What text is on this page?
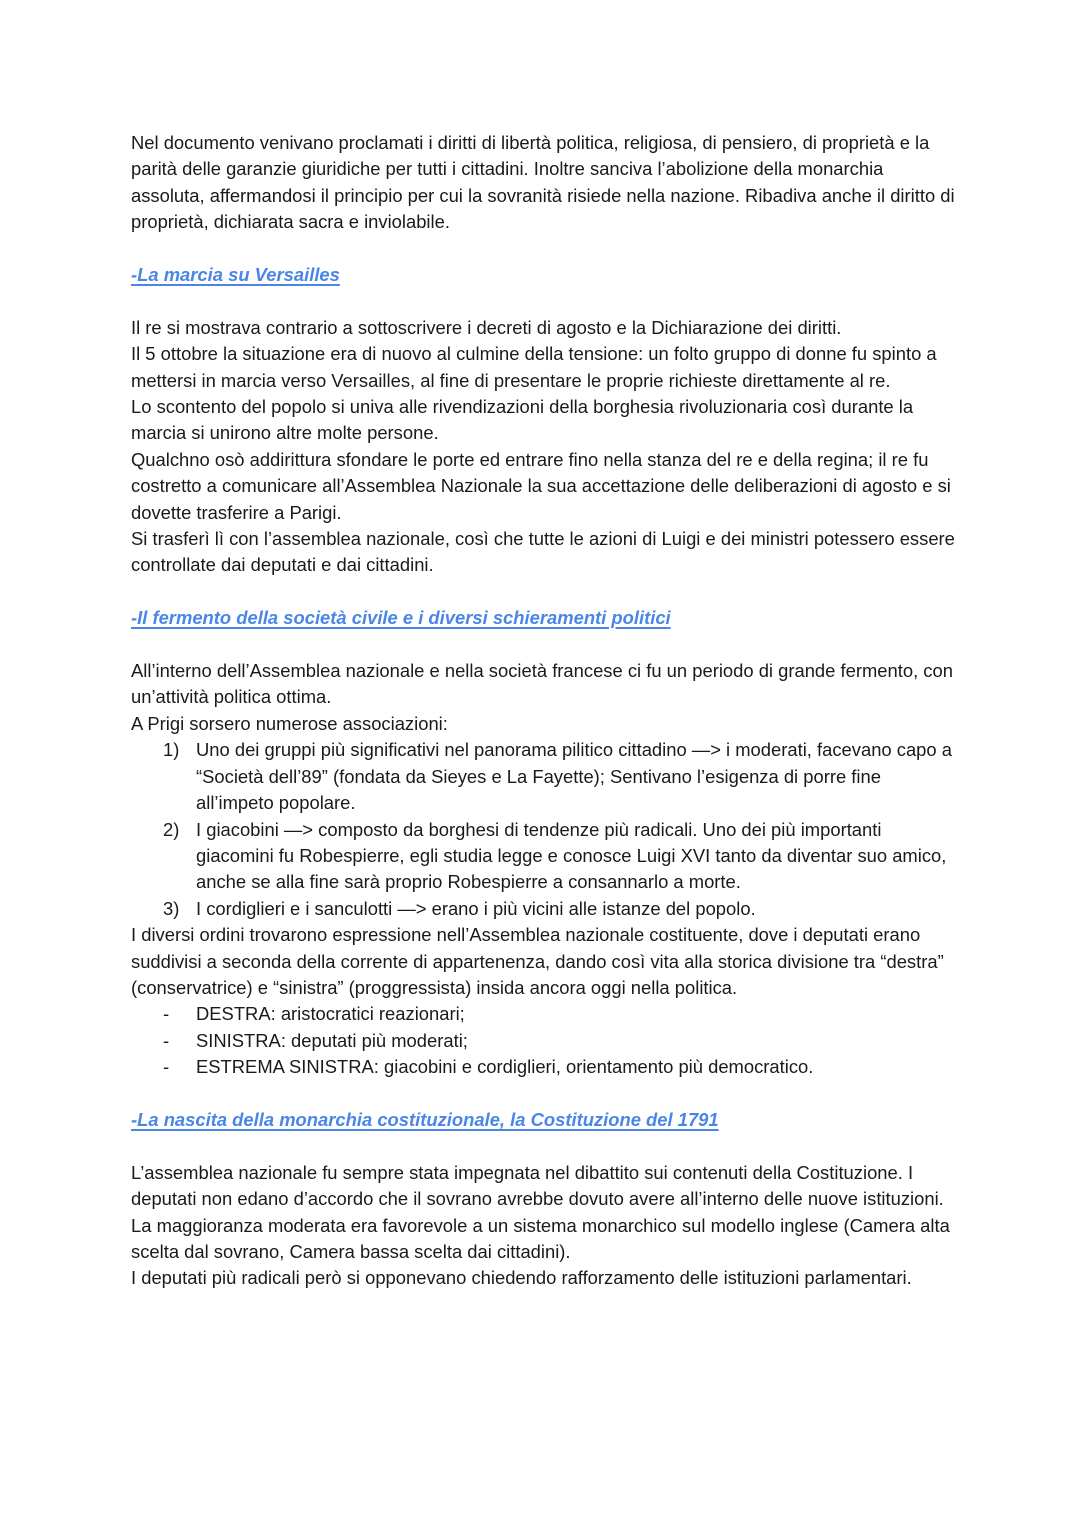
Nel documento venivano proclamati i diritti di libertà politica, religiosa, di pensiero, di proprietà e la parità delle garanzie giuridiche per tutti i cittadini. Inoltre sanciva l’abolizione della monarchia assoluta, affermandosi il principio per cui la sovranità risiede nella nazione. Ribadiva anche il diritto di proprietà, dichiarata sacra e inviolabile.

-La marcia su Versailles

Il re si mostrava contrario a sottoscrivere i decreti di agosto e la Dichiarazione dei diritti.

Il 5 ottobre la situazione era di nuovo al culmine della tensione: un folto gruppo di donne fu spinto a mettersi in marcia verso Versailles, al fine di presentare le proprie richieste direttamente al re.

Lo scontento del popolo si univa alle rivendizazioni della borghesia rivoluzionaria così durante la marcia si unirono altre molte persone.

Qualchno osò addirittura sfondare le porte ed entrare fino nella stanza del re e della regina; il re fu costretto a comunicare all’Assemblea Nazionale la sua accettazione delle deliberazioni di agosto e si dovette trasferire a Parigi.

Si trasferì lì con l’assemblea nazionale, così che tutte le azioni di Luigi e dei ministri potessero essere controllate dai deputati e dai cittadini.

-Il fermento della società civile e i diversi schieramenti politici

All’interno dell’Assemblea nazionale e nella società francese ci fu un periodo di grande fermento, con un’attività politica ottima.

A Prigi sorsero numerose associazioni:

1) Uno dei gruppi più significativi nel panorama pilitico cittadino —> i moderati, facevano capo a “Società dell’89” (fondata da Sieyes e La Fayette); Sentivano l’esigenza di porre fine all’impeto popolare.
2) I giacobini —> composto da borghesi di tendenze più radicali. Uno dei più importanti giacomini fu Robespierre, egli studia legge e conosce Luigi XVI tanto da diventar suo amico, anche se alla fine sarà proprio Robespierre a consannarlo a morte.
3) I cordiglieri e i sanculotti —> erano i più vicini alle istanze del popolo.

I diversi ordini trovarono espressione nell’Assemblea nazionale costituente, dove i deputati erano suddivisi a seconda della corrente di appartenenza, dando così vita alla storica divisione tra “destra” (conservatrice) e “sinistra” (proggressista) insida ancora oggi nella politica.

- DESTRA: aristocratici reazionari;
- SINISTRA: deputati più moderati;
- ESTREMA SINISTRA: giacobini e cordiglieri, orientamento più democratico.

-La nascita della monarchia costituzionale, la Costituzione del 1791

L’assemblea nazionale fu sempre stata impegnata nel dibattito sui contenuti della Costituzione. I deputati non edano d’accordo che il sovrano avrebbe dovuto avere all’interno delle nuove istituzioni.

La maggioranza moderata era favorevole a un sistema monarchico sul modello inglese (Camera alta scelta dal sovrano, Camera bassa scelta dai cittadini).

I deputati più radicali però si opponevano chiedendo rafforzamento delle istituzioni parlamentari.
